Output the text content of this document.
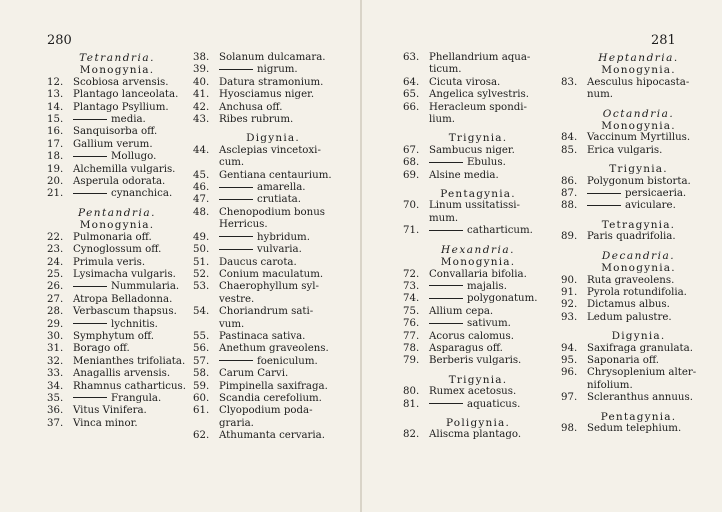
280
Tetrandria.
Monogynia.
12. Scobiosa arvensis.
13. Plantago lanceolata.
14. Plantago Psyllium.
15.	media.
16. Sanquisorba off.
17. Gallium verum.
18.	Mollugo.
19. Alchemilla vulgaris.
20. Asperula odorata.
21.	cynanchica.
Pentandria.
Monogynia.
22. Pulmonaria off.
23. Cynoglossum off.
24. Primula veris.
25. Lysimacha vulgaris.
26.	Nummularia.
27. Atropa Belladonna.
28. Verbascum thapsus.
29.	lychnitis.
30. Symphytum off.
31. Borago off.
32. Menianthes trifoliata.
33. Anagallis arvensis.
34. Rhamnus catharticus.
35.	Frangula.
36. Vitus Vinifera.
37. Vinca minor.
38. Solanum dulcamara.
39.	nigrum.
40. Datura stramonium.
41. Hyosciamus niger.
42. Anchusa off.
43. Ribes rubrum.
Digynia.
44. Asclepias vincetoxi-
cum.
45. Gentiana centaurium.
46.	amarella.
47.	crutiata.
48. Chenopodium bonus
Herricus.
49.	hybridum.
50.	vulvaria.
51. Daucus carota.
52. Conium maculatum.
53. Chaerophyllum syl-
vestre.
54. Choriandrum sati-
vum.
55. Pastinaca sativa.
56. Anethum graveolens.
57.	foeniculum.
58. Carum Carvi.
59. Pimpinella saxifraga.
60. Scandia cerefolium.
61. Clyopodium poda-
graria.
62. Athumanta cervaria.
281
63. Phellandrium aqua-
ticum.
64. Cicuta virosa.
65. Angelica sylvestris.
66. Heracleum spondi-
lium.
Trigynia.
67. Sambucus niger.
68.	Ebulus.
69. Alsine media.
Pentagynia.
70. Linum ussitatissi-
mum.
71.	catharticum.
Hexandria.
Monogynia.
72. Convallaria bifolia.
73.	majalis.
74.	polygonatum.
75. Allium cepa.
76.	sativum.
77. Acorus calomus.
78. Asparagus off.
79. Berberis vulgaris.
Trigynia.
80. Rumex acetosus.
81.	aquaticus.
Poligynia.
82. Aliscma plantago.
Heptandria.
Monogynia.
83. Aesculus hipocasta-
num.
Octandria.
Monogynia.
84. Vaccinum Myrtillus.
85. Erica vulgaris.
Trigynia.
86. Polygonum bistorta.
87.	persicaeria.
88.	aviculare.
Tetragynia.
89. Paris quadrifolia.
Decandria.
Monogynia.
90. Ruta graveolens.
91. Pyrola rotundifolia.
92. Dictamus albus.
93. Ledum palustre.
Digynia.
94. Saxifraga granulata.
95. Saponaria off.
96. Chrysoplenium alter-
nifolium.
97. Scleranthus annuus.
Pentagynia.
98. Sedum telephium.
